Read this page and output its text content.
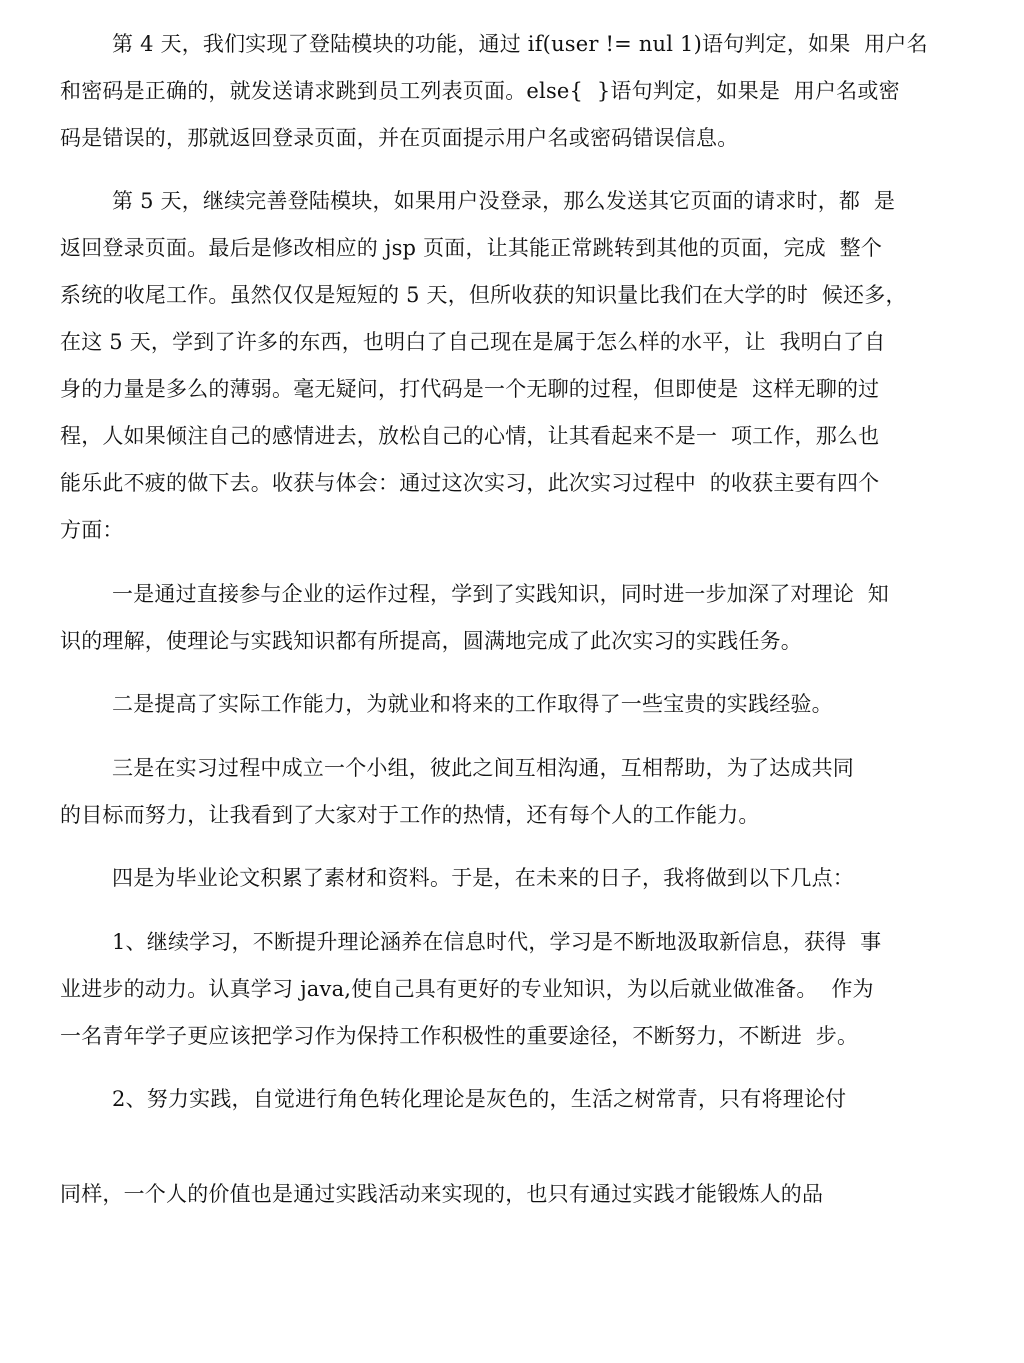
第 4 天，我们实现了登陆模块的功能，通过 if(user != nul 1)语句判定，如果  用户名
和密码是正确的，就发送请求跳到员工列表页面。else{  }语句判定，如果是  用户名或密
码是错误的，那就返回登录页面，并在页面提示用户名或密码错误信息。
第 5 天，继续完善登陆模块，如果用户没登录，那么发送其它页面的请求时，都  是
返回登录页面。最后是修改相应的 jsp 页面，让其能正常跳转到其他的页面，完成  整个
系统的收尾工作。虽然仅仅是短短的 5 天，但所收获的知识量比我们在大学的时  候还多，
在这 5 天，学到了许多的东西，也明白了自己现在是属于怎么样的水平，让  我明白了自
身的力量是多么的薄弱。毫无疑问，打代码是一个无聊的过程，但即使是  这样无聊的过
程，人如果倾注自己的感情进去，放松自己的心情，让其看起来不是一  项工作，那么也
能乐此不疲的做下去。收获与体会：通过这次实习，此次实习过程中  的收获主要有四个
方面：
一是通过直接参与企业的运作过程，学到了实践知识，同时进一步加深了对理论  知
识的理解，使理论与实践知识都有所提高，圆满地完成了此次实习的实践任务。
二是提高了实际工作能力，为就业和将来的工作取得了一些宝贵的实践经验。
三是在实习过程中成立一个小组，彼此之间互相沟通，互相帮助，为了达成共同
的目标而努力，让我看到了大家对于工作的热情，还有每个人的工作能力。
四是为毕业论文积累了素材和资料。于是，在未来的日子，我将做到以下几点：
1、继续学习，不断提升理论涵养在信息时代，学习是不断地汲取新信息，获得  事
业进步的动力。认真学习 java,使自己具有更好的专业知识，为以后就业做准备。  作为
一名青年学子更应该把学习作为保持工作积极性的重要途径，不断努力，不断进  步。
2、努力实践，自觉进行角色转化理论是灰色的，生活之树常青，只有将理论付
同样，一个人的价值也是通过实践活动来实现的，也只有通过实践才能锻炼人的品
